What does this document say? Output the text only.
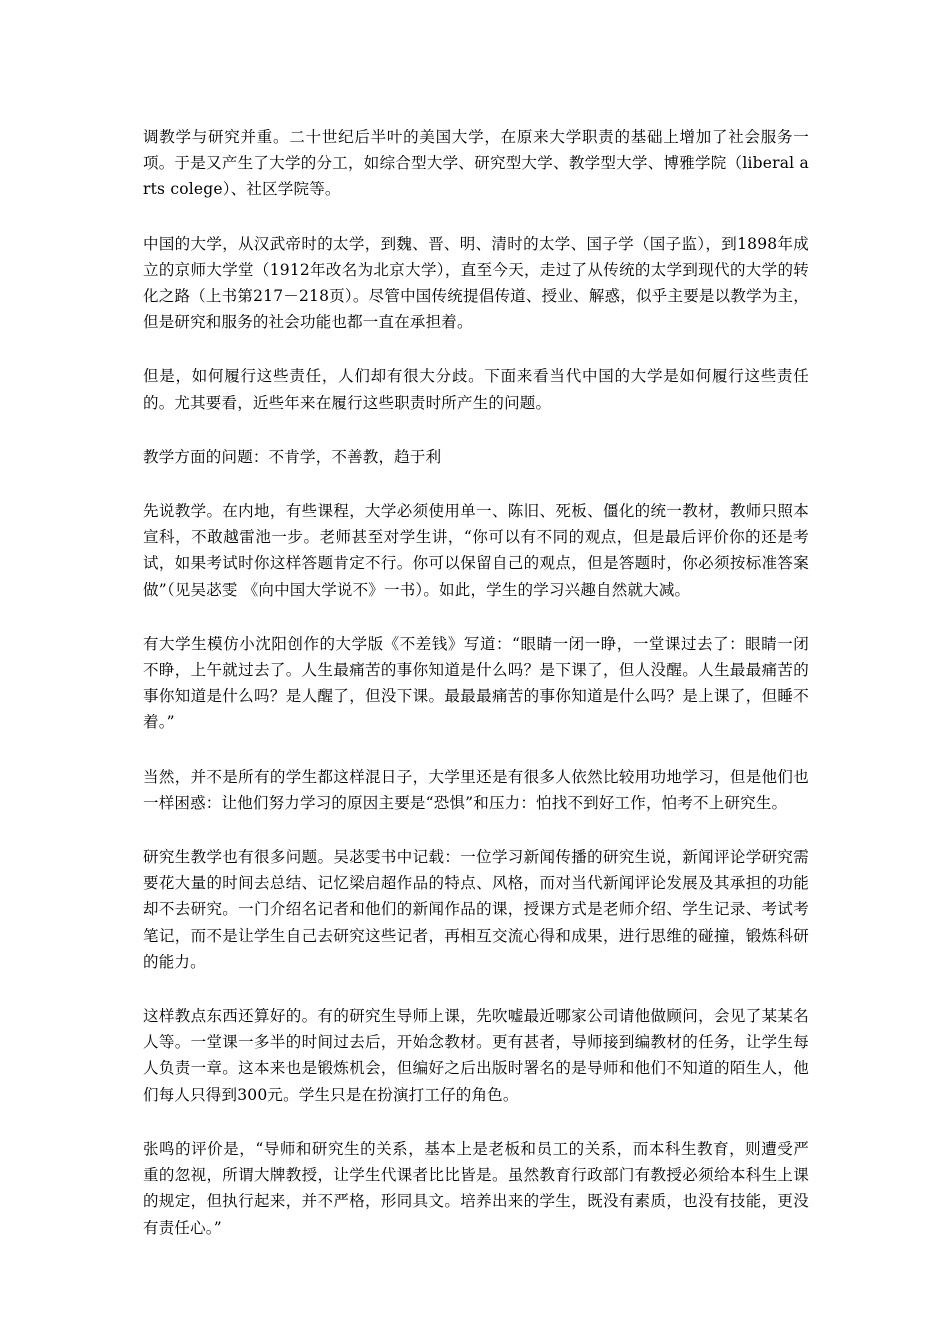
调教学与研究并重。二十世纪后半叶的美国大学，在原来大学职责的基础上增加了社会服务一项。于是又产生了大学的分工，如综合型大学、研究型大学、教学型大学、博雅学院（liberal arts colege）、社区学院等。

中国的大学，从汉武帝时的太学，到魏、晋、明、清时的太学、国子学（国子监），到1898年成立的京师大学堂（1912年改名为北京大学），直至今天，走过了从传统的太学到现代的大学的转化之路（上书第217－218页）。尽管中国传统提倡传道、授业、解惑，似乎主要是以教学为主，但是研究和服务的社会功能也都一直在承担着。

但是，如何履行这些责任，人们却有很大分歧。下面来看当代中国的大学是如何履行这些责任的。尤其要看，近些年来在履行这些职责时所产生的问题。

教学方面的问题：不肯学，不善教，趋于利

先说教学。在内地，有些课程，大学必须使用单一、陈旧、死板、僵化的统一教材，教师只照本宣科，不敢越雷池一步。老师甚至对学生讲，“你可以有不同的观点，但是最后评价你的还是考试，如果考试时你这样答题肯定不行。你可以保留自己的观点，但是答题时，你必须按标准答案做”（见吴苾雯 《向中国大学说不》一书）。如此，学生的学习兴趣自然就大减。

有大学生模仿小沈阳创作的大学版《不差钱》写道：“眼睛一闭一睁，一堂课过去了：眼睛一闭不睁，上午就过去了。人生最痛苦的事你知道是什么吗？是下课了，但人没醒。人生最最痛苦的事你知道是什么吗？是人醒了，但没下课。最最最痛苦的事你知道是什么吗？是上课了，但睡不着。”

当然，并不是所有的学生都这样混日子，大学里还是有很多人依然比较用功地学习，但是他们也一样困惑：让他们努力学习的原因主要是“恐惧”和压力：怕找不到好工作，怕考不上研究生。

研究生教学也有很多问题。吴苾雯书中记载：一位学习新闻传播的研究生说，新闻评论学研究需要花大量的时间去总结、记忆梁启超作品的特点、风格，而对当代新闻评论发展及其承担的功能却不去研究。一门介绍名记者和他们的新闻作品的课，授课方式是老师介绍、学生记录、考试考笔记，而不是让学生自己去研究这些记者，再相互交流心得和成果，进行思维的碰撞，锻炼科研的能力。

这样教点东西还算好的。有的研究生导师上课，先吹嘘最近哪家公司请他做顾问，会见了某某名人等。一堂课一多半的时间过去后，开始念教材。更有甚者，导师接到编教材的任务，让学生每人负责一章。这本来也是锻炼机会，但编好之后出版时署名的是导师和他们不知道的陌生人，他们每人只得到300元。学生只是在扮演打工仔的角色。

张鸣的评价是，“导师和研究生的关系，基本上是老板和员工的关系，而本科生教育，则遭受严重的忽视，所谓大牌教授，让学生代课者比比皆是。虽然教育行政部门有教授必须给本科生上课的规定，但执行起来，并不严格，形同具文。培养出来的学生，既没有素质，也没有技能，更没有责任心。”
